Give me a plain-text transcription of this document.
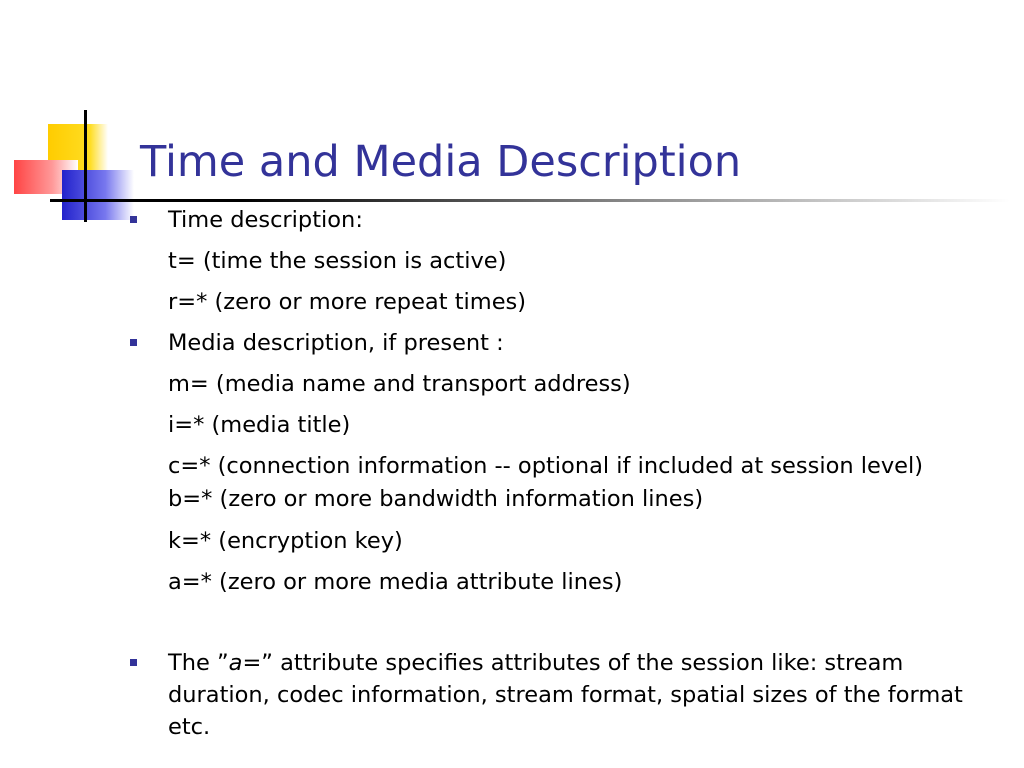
Time and Media Description

Time description:

t= (time the session is active)

r=* (zero or more repeat times)

Media description, if present :

m= (media name and transport address)

i=* (media title)

c=* (connection information -- optional if included at session level)

b=* (zero or more bandwidth information lines)

k=* (encryption key)

a=* (zero or more media attribute lines)

The ”a=” attribute specifies attributes of the session like: stream duration, codec information, stream format, spatial sizes of the format etc.
